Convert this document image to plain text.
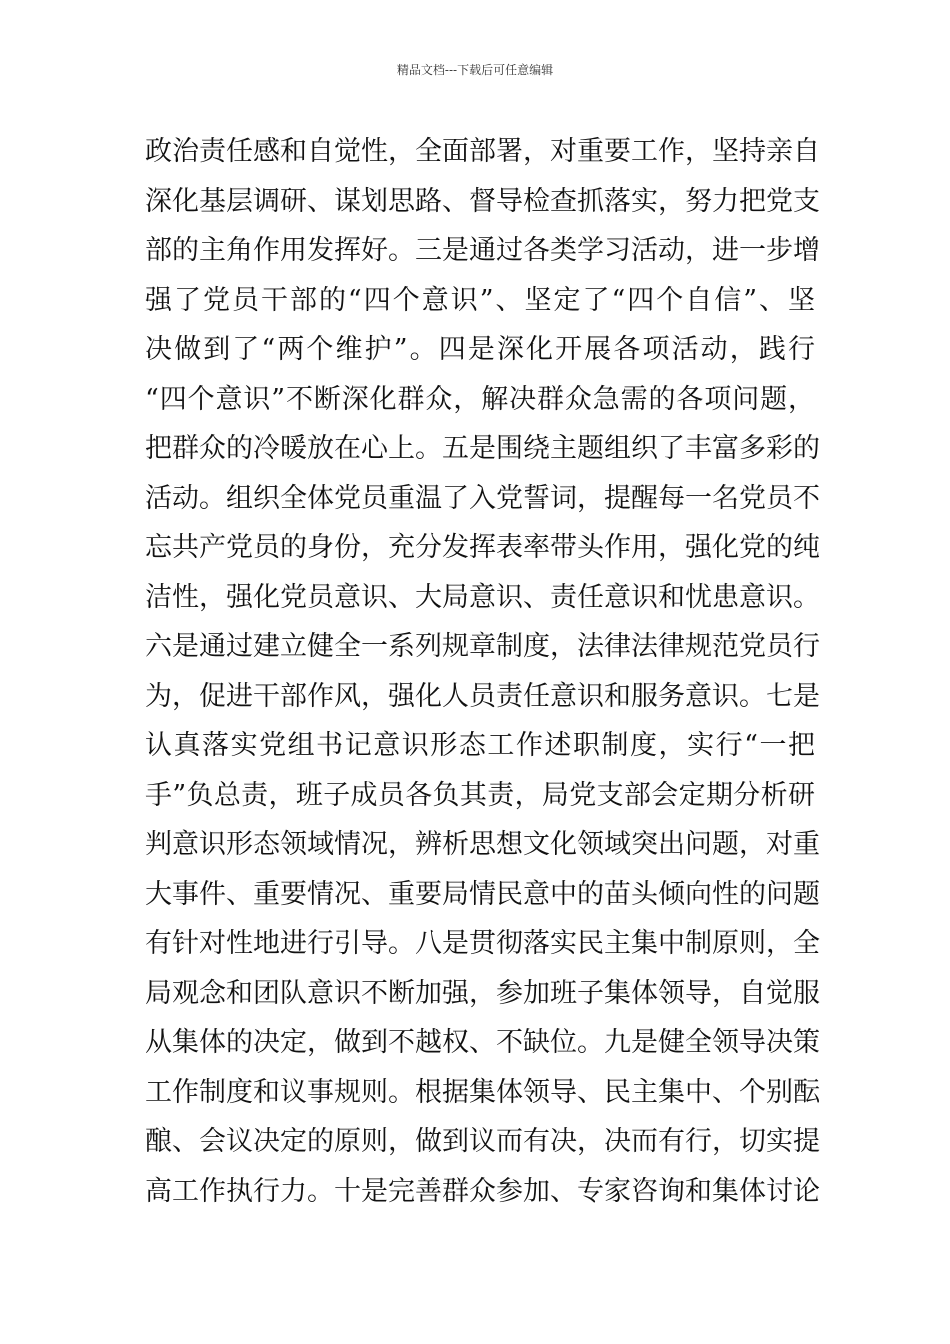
精品文档---下载后可任意编辑
政治责任感和自觉性，全面部署，对重要工作，坚持亲自
深化基层调研、谋划思路、督导检查抓落实，努力把党支
部的主角作用发挥好。三是通过各类学习活动，进一步增
强了党员干部的“四个意识”、坚定了“四个自信”、坚
决做到了“两个维护”。四是深化开展各项活动，践行
“四个意识”不断深化群众，解决群众急需的各项问题，
把群众的冷暖放在心上。五是围绕主题组织了丰富多彩的
活动。组织全体党员重温了入党誓词，提醒每一名党员不
忘共产党员的身份，充分发挥表率带头作用，强化党的纯
洁性，强化党员意识、大局意识、责任意识和忧患意识。
六是通过建立健全一系列规章制度，法律法律规范党员行
为，促进干部作风，强化人员责任意识和服务意识。七是
认真落实党组书记意识形态工作述职制度，实行“一把
手”负总责，班子成员各负其责，局党支部会定期分析研
判意识形态领域情况，辨析思想文化领域突出问题，对重
大事件、重要情况、重要局情民意中的苗头倾向性的问题
有针对性地进行引导。八是贯彻落实民主集中制原则，全
局观念和团队意识不断加强，参加班子集体领导，自觉服
从集体的决定，做到不越权、不缺位。九是健全领导决策
工作制度和议事规则。根据集体领导、民主集中、个别酝
酿、会议决定的原则，做到议而有决，决而有行，切实提
高工作执行力。十是完善群众参加、专家咨询和集体讨论
